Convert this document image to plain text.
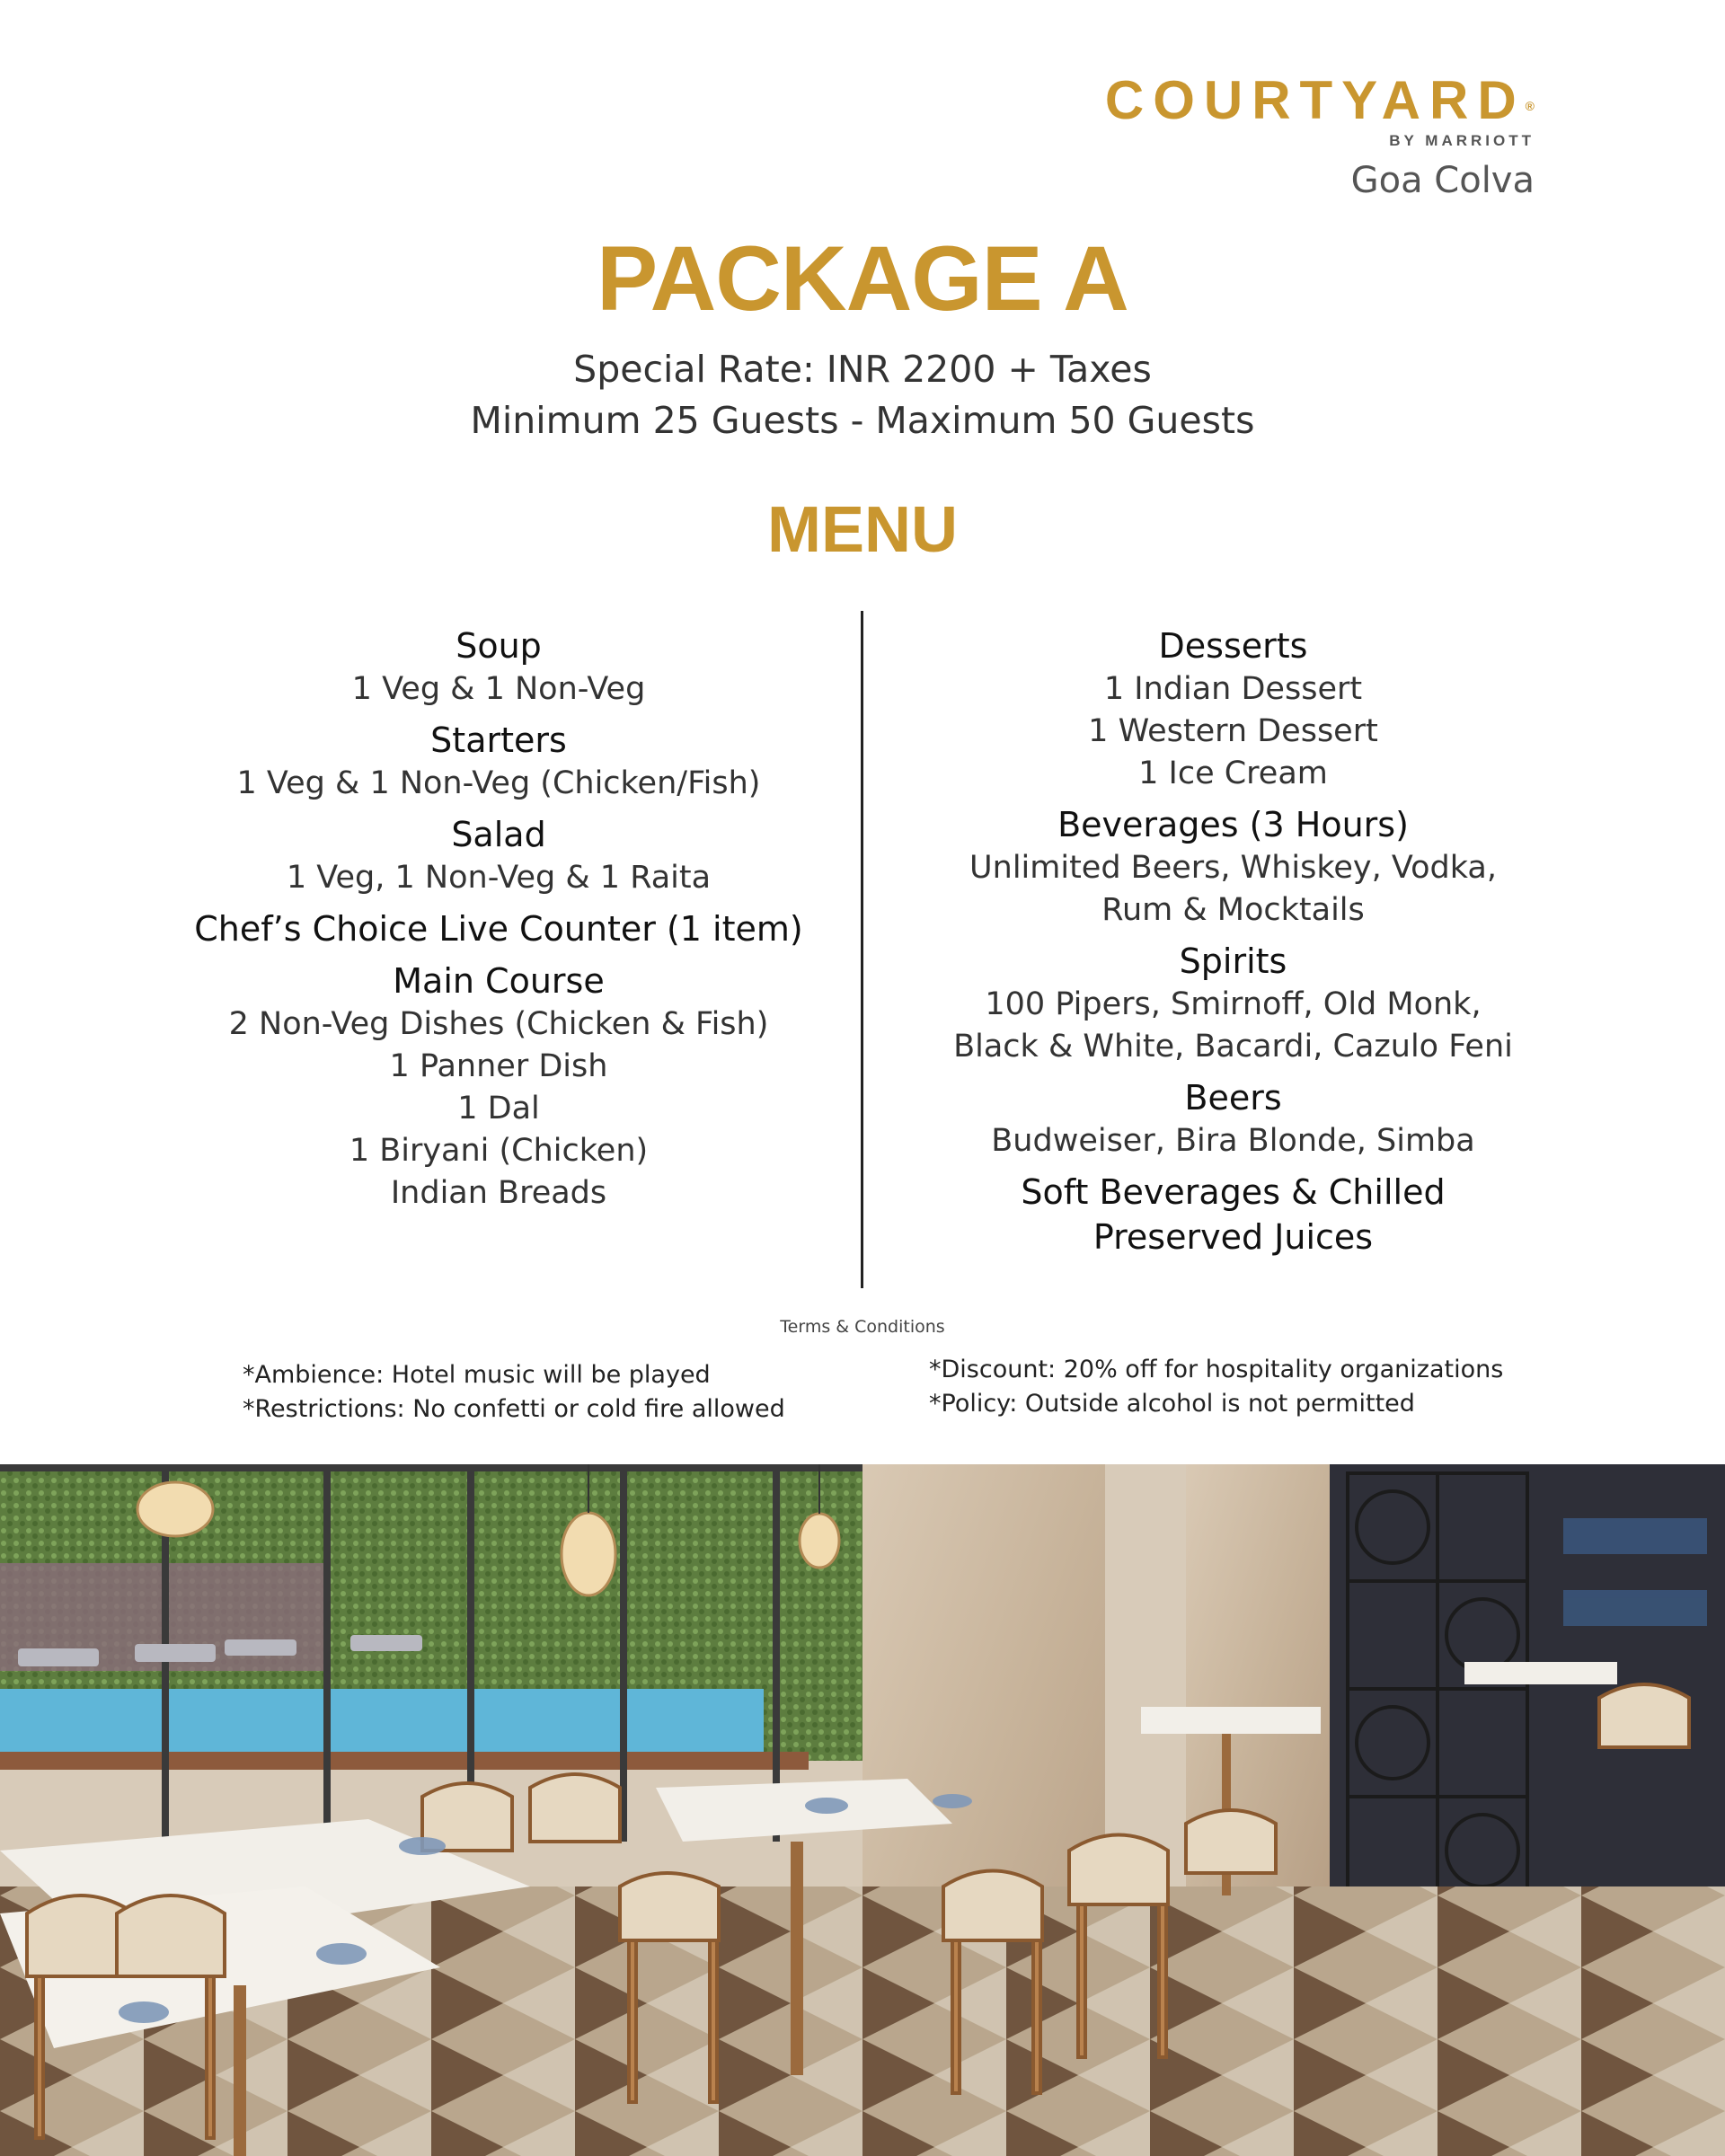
COURTYARD®
BY MARRIOTT
Goa Colva
PACKAGE A
Special Rate: INR 2200 + Taxes
Minimum 25 Guests - Maximum 50 Guests
MENU
Soup
1 Veg & 1 Non-Veg
Starters
1 Veg & 1 Non-Veg (Chicken/Fish)
Salad
1 Veg, 1 Non-Veg & 1 Raita
Chef’s Choice Live Counter (1 item)
Main Course
2 Non-Veg Dishes (Chicken & Fish)
1 Panner Dish
1 Dal
1 Biryani (Chicken)
Indian Breads
Desserts
1 Indian Dessert
1 Western Dessert
1 Ice Cream
Beverages (3 Hours)
Unlimited Beers, Whiskey, Vodka,
Rum & Mocktails
Spirits
100 Pipers, Smirnoff, Old Monk,
Black & White, Bacardi, Cazulo Feni
Beers
Budweiser, Bira Blonde, Simba
Soft Beverages & Chilled
Preserved Juices
Terms & Conditions
*Ambience: Hotel music will be played
*Restrictions: No confetti or cold fire allowed
*Discount: 20% off for hospitality organizations
*Policy: Outside alcohol is not permitted
